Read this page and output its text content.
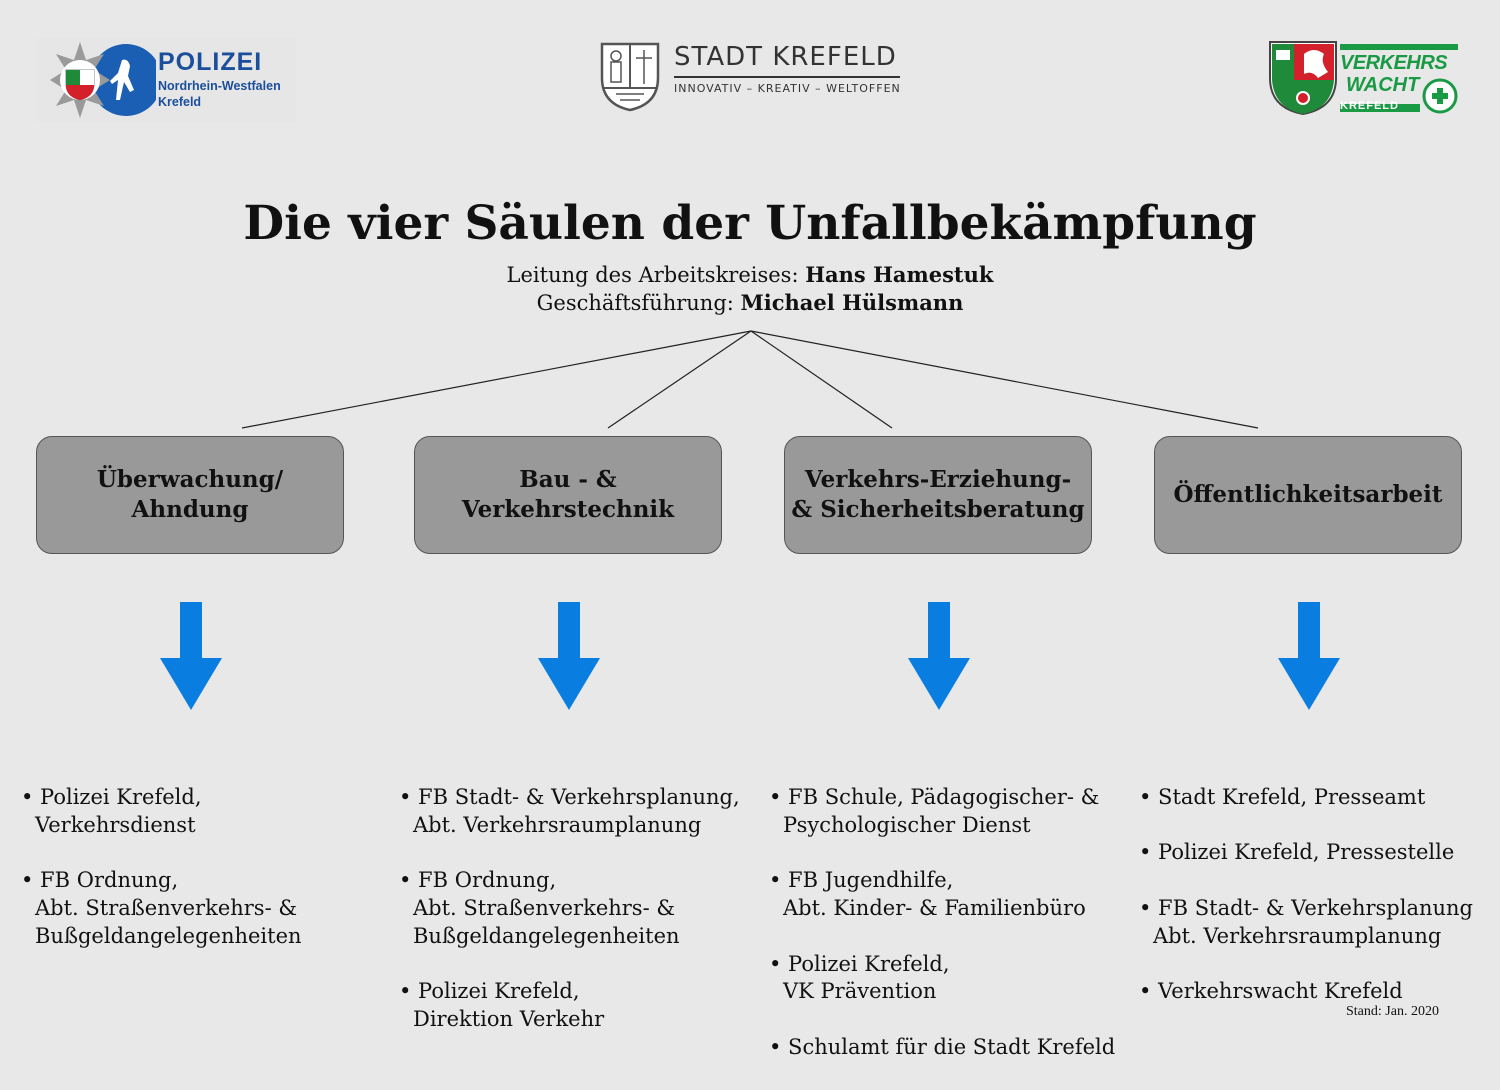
POLIZEI
Nordrhein-Westfalen
Krefeld
STADT KREFELD
INNOVATIV – KREATIV – WELTOFFEN
VERKEHRS
WACHT
KREFELD
Die vier Säulen der Unfallbekämpfung
Leitung des Arbeitskreises: Hans Hamestuk
Geschäftsführung: Michael Hülsmann
Überwachung/
Ahndung
Bau - &
Verkehrstechnik
Verkehrs-Erziehung-
& Sicherheitsberatung
Öffentlichkeitsarbeit

• Polizei Krefeld,
Verkehrsdienst

• FB Ordnung,
Abt. Straßenverkehrs- &
Bußgeldangelegenheiten

• FB Stadt- & Verkehrsplanung,
Abt. Verkehrsraumplanung

• FB Ordnung,
Abt. Straßenverkehrs- &
Bußgeldangelegenheiten

• Polizei Krefeld,
Direktion Verkehr

• FB Schule, Pädagogischer- &
Psychologischer Dienst

• FB Jugendhilfe,
Abt. Kinder- & Familienbüro

• Polizei Krefeld,
VK Prävention

• Schulamt für die Stadt Krefeld

• Stadt Krefeld, Presseamt

• Polizei Krefeld, Pressestelle

• FB Stadt- & Verkehrsplanung
Abt. Verkehrsraumplanung

• Verkehrswacht Krefeld

Stand: Jan. 2020
